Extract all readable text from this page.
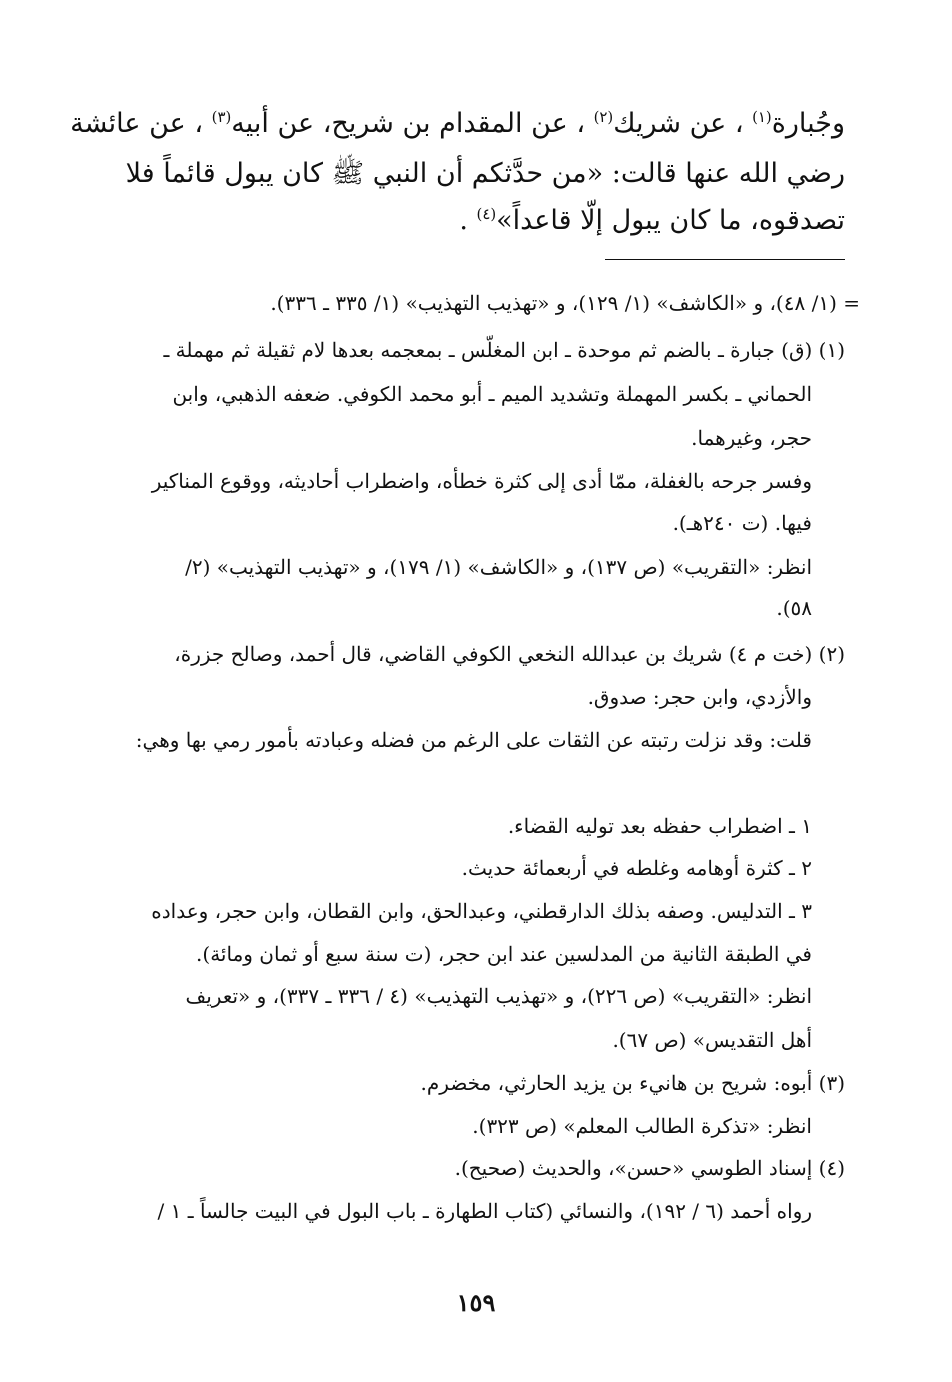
وجُبارة$^{(١)}$ ، عن شريك$^{(٢)}$ ، عن المقدام بن شريح، عن أبيه$^{(٣)}$ ، عن عائشة
رضي الله عنها قالت: «من حدَّثكم أن النبي ﷺ كان يبول قائماً فلا
تصدقوه، ما كان يبول إلّا قاعداً»$^{(٤)}$ .
= (١/ ٤٨)، و «الكاشف» (١/ ١٢٩)، و «تهذيب التهذيب» (١/ ٣٣٥ ـ ٣٣٦).
(١) (ق) جبارة ـ بالضم ثم موحدة ـ ابن المغلّس ـ بمعجمه بعدها لام ثقيلة ثم مهملة ـ
الحماني ـ بكسر المهملة وتشديد الميم ـ أبو محمد الكوفي. ضعفه الذهبي، وابن
حجر، وغيرهما.
وفسر جرحه بالغفلة، ممّا أدى إلى كثرة خطأه، واضطراب أحاديثه، ووقوع المناكير
فيها. (ت ٢٤٠هـ).
انظر: «التقريب» (ص ١٣٧)، و «الكاشف» (١/ ١٧٩)، و «تهذيب التهذيب» (٢/
٥٨).
(٢) (خت م ٤) شريك بن عبدالله النخعي الكوفي القاضي، قال أحمد، وصالح جزرة،
والأزدي، وابن حجر: صدوق.
قلت: وقد نزلت رتبته عن الثقات على الرغم من فضله وعبادته بأمور رمي بها وهي:
١ ـ اضطراب حفظه بعد توليه القضاء.
٢ ـ كثرة أوهامه وغلطه في أربعمائة حديث.
٣ ـ التدليس. وصفه بذلك الدارقطني، وعبدالحق، وابن القطان، وابن حجر، وعداده
في الطبقة الثانية من المدلسين عند ابن حجر، (ت سنة سبع أو ثمان ومائة).
انظر: «التقريب» (ص ٢٢٦)، و «تهذيب التهذيب» (٤ / ٣٣٦ ـ ٣٣٧)، و «تعريف
أهل التقديس» (ص ٦٧).
(٣) أبوه: شريح بن هانيء بن يزيد الحارثي، مخضرم.
انظر: «تذكرة الطالب المعلم» (ص ٣٢٣).
(٤) إسناد الطوسي «حسن»، والحديث (صحيح).
رواه أحمد (٦ / ١٩٢)، والنسائي (كتاب الطهارة ـ باب البول في البيت جالساً ـ ١ /
١٥٩
